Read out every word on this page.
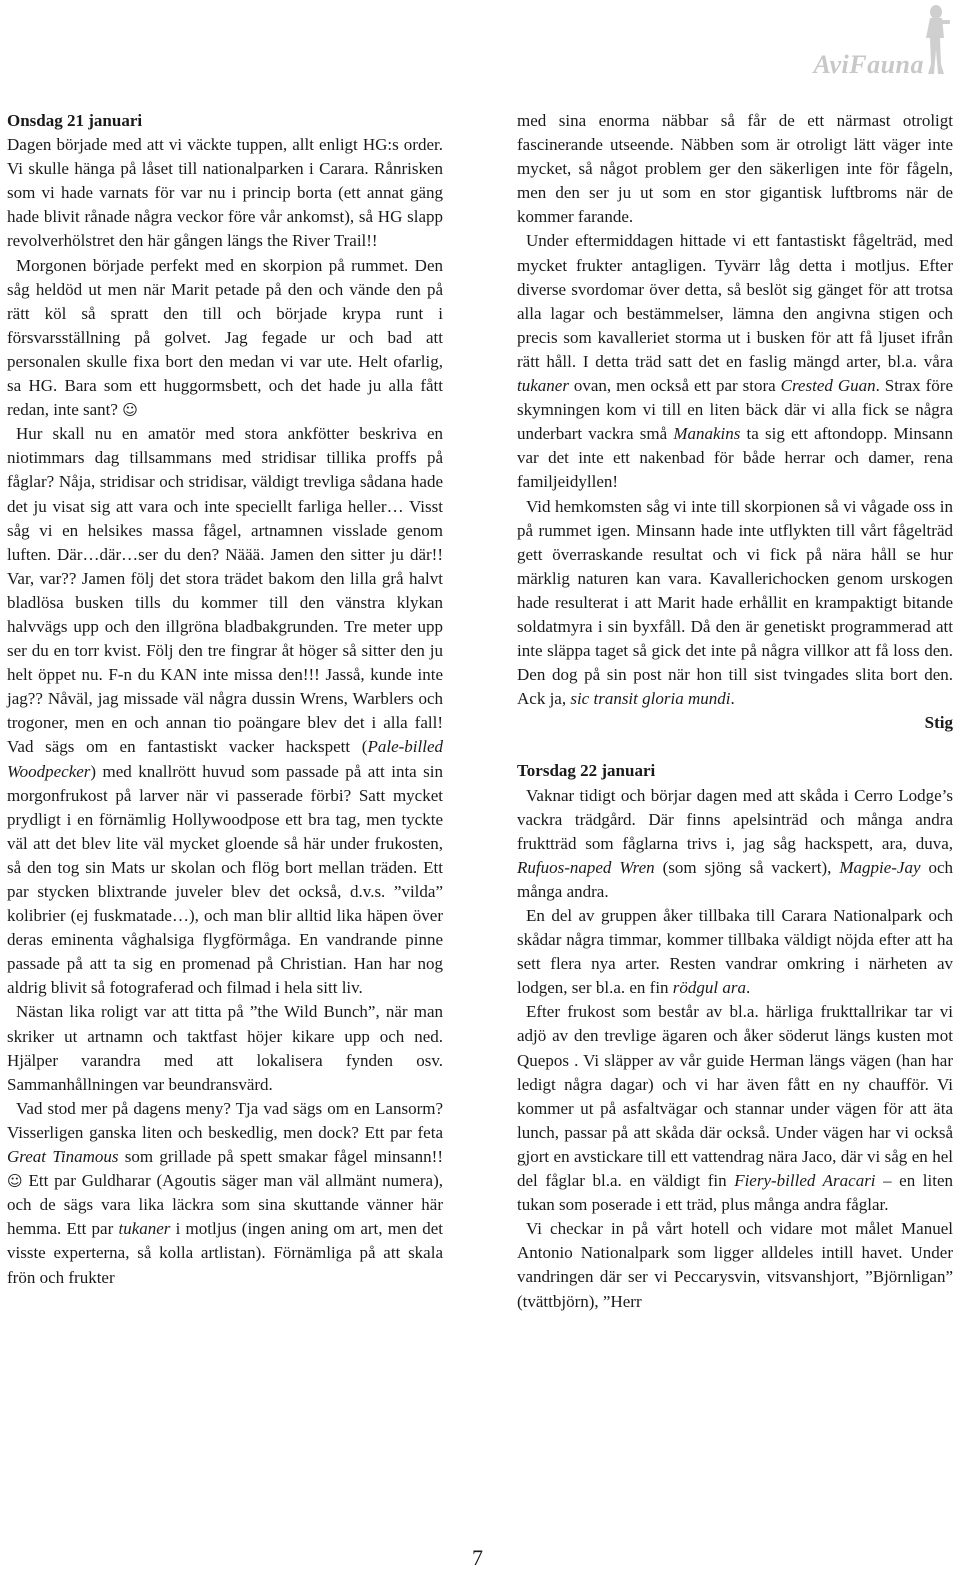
AviFauna
Onsdag 21 januari

Dagen började med att vi väckte tuppen, allt enligt HG:s order. Vi skulle hänga på låset till nationalparken i Carara. Rånrisken som vi hade varnats för var nu i princip borta (ett annat gäng hade blivit rånade några veckor före vår ankomst), så HG slapp revolverhölstret den här gången längs the River Trail!!

Morgonen började perfekt med en skorpion på rummet. Den såg heldöd ut men när Marit petade på den och vände den på rätt köl så spratt den till och började krypa runt i försvarsställning på golvet. Jag fegade ur och bad att personalen skulle fixa bort den medan vi var ute. Helt ofarlig, sa HG. Bara som ett huggormsbett, och det hade ju alla fått redan, inte sant? ☺

Hur skall nu en amatör med stora ankfötter beskriva en niotimmars dag tillsammans med stridisar tillika proffs på fåglar? Nåja, stridisar och stridisar, väldigt trevliga sådana hade det ju visat sig att vara och inte speciellt farliga heller… Visst såg vi en helsikes massa fågel, artnamnen visslade genom luften. Där…där…ser du den? Näää. Jamen den sitter ju där!! Var, var?? Jamen följ det stora trädet bakom den lilla grå halvt bladlösa busken tills du kommer till den vänstra klykan halvvägs upp och den illgröna bladbakgrunden. Tre meter upp ser du en torr kvist. Följ den tre fingrar åt höger så sitter den ju helt öppet nu. F-n du KAN inte missa den!!! Jasså, kunde inte jag?? Nåväl, jag missade väl några dussin Wrens, Warblers och trogoner, men en och annan tio poängare blev det i alla fall! Vad sägs om en fantastiskt vacker hackspett (Pale-billed Woodpecker) med knallrött huvud som passade på att inta sin morgonfrukost på larver när vi passerade förbi? Satt mycket prydligt i en förnämlig Hollywoodpose ett bra tag, men tyckte väl att det blev lite väl mycket gloende så här under frukosten, så den tog sin Mats ur skolan och flög bort mellan träden. Ett par stycken blixtrande juveler blev det också, d.v.s. ”vilda” kolibrier (ej fuskmatade…), och man blir alltid lika häpen över deras eminenta våghalsiga flygförmåga. En vandrande pinne passade på att ta sig en promenad på Christian. Han har nog aldrig blivit så fotograferad och filmad i hela sitt liv.

Nästan lika roligt var att titta på ”the Wild Bunch”, när man skriker ut artnamn och taktfast höjer kikare upp och ned. Hjälper varandra med att lokalisera fynden osv. Sammanhållningen var beundransvärd.

Vad stod mer på dagens meny? Tja vad sägs om en Lansorm? Visserligen ganska liten och beskedlig, men dock? Ett par feta Great Tinamous som grillade på spett smakar fågel minsann!! ☺ Ett par Guldharar (Agoutis säger man väl allmänt numera), och de sägs vara lika läckra som sina skuttande vänner här hemma. Ett par tukaner i motljus (ingen aning om art, men det visste experterna, så kolla artlistan). Förnämliga på att skala frön och frukter

med sina enorma näbbar så får de ett närmast otroligt fascinerande utseende. Näbben som är otroligt lätt väger inte mycket, så något problem ger den säkerligen inte för fågeln, men den ser ju ut som en stor gigantisk luftbroms när de kommer farande.

Under eftermiddagen hittade vi ett fantastiskt fågelträd, med mycket frukter antagligen. Tyvärr låg detta i motljus. Efter diverse svordomar över detta, så beslöt sig gänget för att trotsa alla lagar och bestämmelser, lämna den angivna stigen och precis som kavalleriet storma ut i busken för att få ljuset ifrån rätt håll. I detta träd satt det en faslig mängd arter, bl.a. våra tukaner ovan, men också ett par stora Crested Guan. Strax före skymningen kom vi till en liten bäck där vi alla fick se några underbart vackra små Manakins ta sig ett aftondopp. Minsann var det inte ett nakenbad för både herrar och damer, rena familjeidyllen!

Vid hemkomsten såg vi inte till skorpionen så vi vågade oss in på rummet igen. Minsann hade inte utflykten till vårt fågelträd gett överraskande resultat och vi fick på nära håll se hur märklig naturen kan vara. Kavallerichocken genom urskogen hade resulterat i att Marit hade erhållit en krampaktigt bitande soldatmyra i sin byxfåll. Då den är genetiskt programmerad att inte släppa taget så gick det inte på några villkor att få loss den. Den dog på sin post när hon till sist tvingades slita bort den. Ack ja, sic transit gloria mundi.

Stig

Torsdag 22 januari

Vaknar tidigt och börjar dagen med att skåda i Cerro Lodge’s vackra trädgård. Där finns apelsinträd och många andra fruktträd som fåglarna trivs i, jag såg hackspett, ara, duva, Rufuos-naped Wren (som sjöng så vackert), Magpie-Jay och många andra.

En del av gruppen åker tillbaka till Carara Nationalpark och skådar några timmar, kommer tillbaka väldigt nöjda efter att ha sett flera nya arter. Resten vandrar omkring i närheten av lodgen, ser bl.a. en fin rödgul ara.

Efter frukost som består av bl.a. härliga frukttallrikar tar vi adjö av den trevlige ägaren och åker söderut längs kusten mot Quepos . Vi släpper av vår guide Herman längs vägen (han har ledigt några dagar) och vi har även fått en ny chaufför. Vi kommer ut på asfaltvägar och stannar under vägen för att äta lunch, passar på att skåda där också. Under vägen har vi också gjort en avstickare till ett vattendrag nära Jaco, där vi såg en hel del fåglar bl.a. en väldigt fin Fiery-billed Aracari – en liten tukan som poserade i ett träd, plus många andra fåglar.

Vi checkar in på vårt hotell och vidare mot målet Manuel Antonio Nationalpark som ligger alldeles intill havet. Under vandringen där ser vi Peccarysvin, vitsvanshjort, ”Björnligan” (tvättbjörn), ”Herr

7
